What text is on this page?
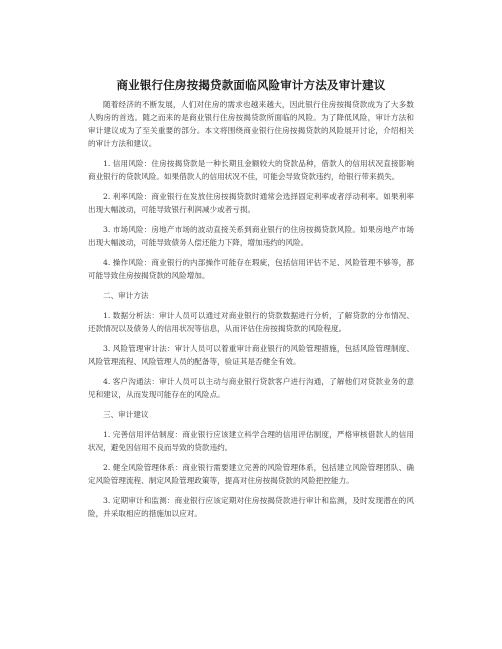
商业银行住房按揭贷款面临风险审计方法及审计建议

随着经济的不断发展，人们对住房的需求也越来越大，因此银行住房按揭贷款成为了大多数人购房的首选。随之而来的是商业银行住房按揭贷款所面临的风险。为了降低风险，审计方法和审计建议成为了至关重要的部分。本文将围绕商业银行住房按揭贷款的风险展开讨论，介绍相关的审计方法和建议。

1. 信用风险：住房按揭贷款是一种长期且金额较大的贷款品种，借款人的信用状况直接影响商业银行的贷款风险。如果借款人的信用状况不佳，可能会导致贷款违约，给银行带来损失。

2. 利率风险：商业银行在发放住房按揭贷款时通常会选择固定利率或者浮动利率。如果利率出现大幅波动，可能导致银行利润减少或者亏损。

3. 市场风险：房地产市场的波动直接关系到商业银行的住房按揭贷款风险。如果房地产市场出现大幅波动，可能导致债务人偿还能力下降，增加违约的风险。

4. 操作风险：商业银行的内部操作可能存在瑕疵，包括信用评估不足、风险管理不够等，都可能导致住房按揭贷款的风险增加。

二、审计方法

1. 数据分析法：审计人员可以通过对商业银行的贷款数据进行分析，了解贷款的分布情况、还款情况以及债务人的信用状况等信息，从而评估住房按揭贷款的风险程度。

3. 风险管理审计法：审计人员可以着重审计商业银行的风险管理措施，包括风险管理制度、风险管理流程、风险管理人员的配备等，验证其是否健全有效。

4. 客户沟通法：审计人员可以主动与商业银行贷款客户进行沟通，了解他们对贷款业务的意见和建议，从而发现可能存在的风险点。

三、审计建议

1. 完善信用评估制度：商业银行应该建立科学合理的信用评估制度，严格审核借款人的信用状况，避免因信用不良而导致的贷款违约。

2. 健全风险管理体系：商业银行需要建立完善的风险管理体系，包括建立风险管理团队、确定风险管理流程、制定风险管理政策等，提高对住房按揭贷款的风险把控能力。

3. 定期审计和监测：商业银行应该定期对住房按揭贷款进行审计和监测，及时发现潜在的风险，并采取相应的措施加以应对。
